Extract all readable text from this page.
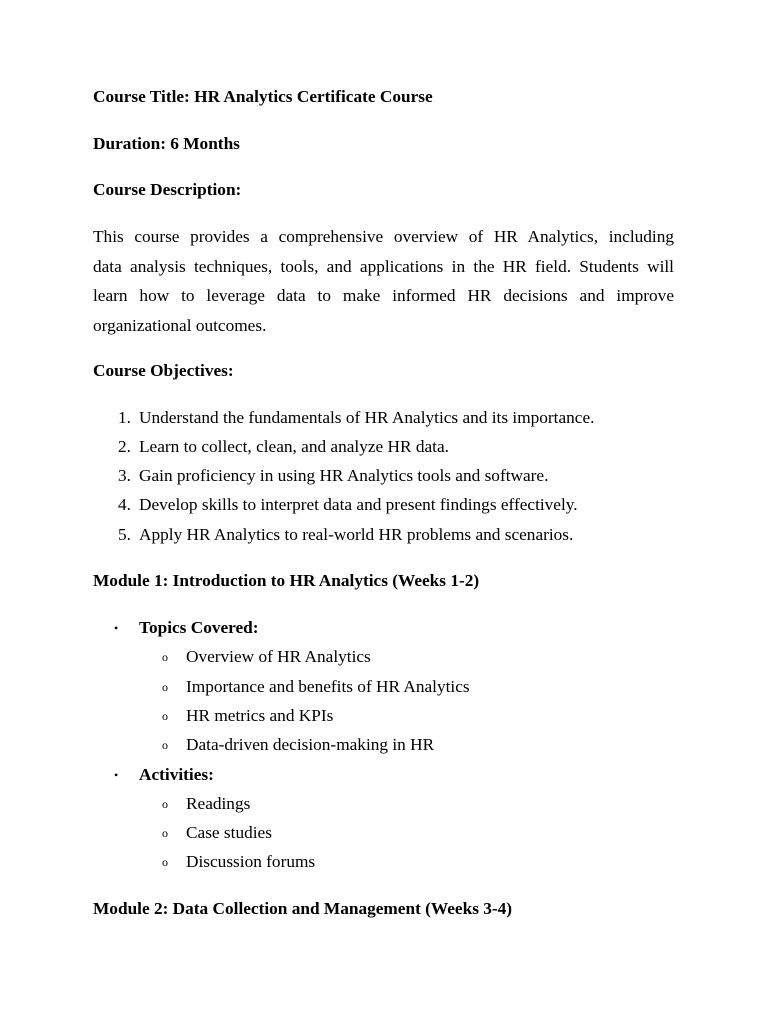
Course Title: HR Analytics Certificate Course
Duration: 6 Months
Course Description:
This course provides a comprehensive overview of HR Analytics, including
data analysis techniques, tools, and applications in the HR field. Students will
learn how to leverage data to make informed HR decisions and improve
organizational outcomes.
Course Objectives:
1. Understand the fundamentals of HR Analytics and its importance.
2. Learn to collect, clean, and analyze HR data.
3. Gain proficiency in using HR Analytics tools and software.
4. Develop skills to interpret data and present findings effectively.
5. Apply HR Analytics to real-world HR problems and scenarios.
Module 1: Introduction to HR Analytics (Weeks 1-2)
• Topics Covered:
o Overview of HR Analytics
o Importance and benefits of HR Analytics
o HR metrics and KPIs
o Data-driven decision-making in HR
• Activities:
o Readings
o Case studies
o Discussion forums
Module 2: Data Collection and Management (Weeks 3-4)
